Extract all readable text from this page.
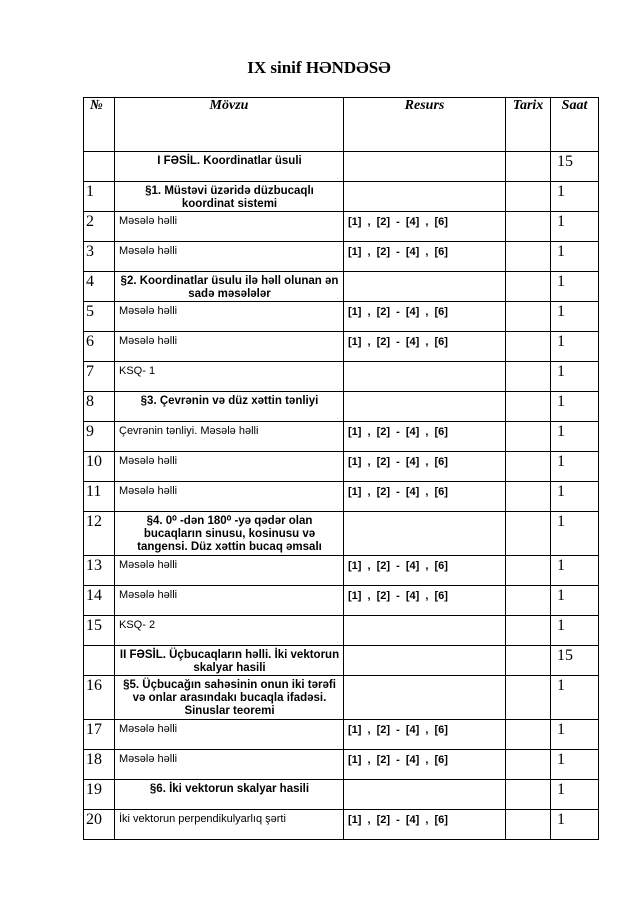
IX sinif HƏNDƏSƏ
№	Mövzu	Resurs	Tarix	Saat
	I FƏSİL. Koordinatlar üsuli			15
1	§1. Müstəvi üzəridə düzbucaqlı koordinat sistemi			1
2	Məsələ həlli	[1] , [2] - [4] , [6]		1
3	Məsələ həlli	[1] , [2] - [4] , [6]		1
4	§2. Koordinatlar üsulu ilə həll olunan ən sadə məsələlər			1
5	Məsələ həlli	[1] , [2] - [4] , [6]		1
6	Məsələ həlli	[1] , [2] - [4] , [6]		1
7	KSQ- 1			1
8	§3. Çevrənin və düz xəttin tənliyi			1
9	Çevrənin tənliyi. Məsələ həlli	[1] , [2] - [4] , [6]		1
10	Məsələ həlli	[1] , [2] - [4] , [6]		1
11	Məsələ həlli	[1] , [2] - [4] , [6]		1
12	§4. 0⁰ -dən 180⁰ -yə qədər olan bucaqların sinusu, kosinusu və tangensi. Düz xəttin bucaq əmsalı			1
13	Məsələ həlli	[1] , [2] - [4] , [6]		1
14	Məsələ həlli	[1] , [2] - [4] , [6]		1
15	KSQ- 2			1
	II FƏSİL. Üçbucaqların həlli. İki vektorun skalyar hasili			15
16	§5. Üçbucağın sahəsinin onun iki tərəfi və onlar arasındakı bucaqla ifadəsi. Sinuslar teoremi			1
17	Məsələ həlli	[1] , [2] - [4] , [6]		1
18	Məsələ həlli	[1] , [2] - [4] , [6]		1
19	§6. İki vektorun skalyar hasili			1
20	İki vektorun perpendikulyarlıq şərti	[1] , [2] - [4] , [6]		1
